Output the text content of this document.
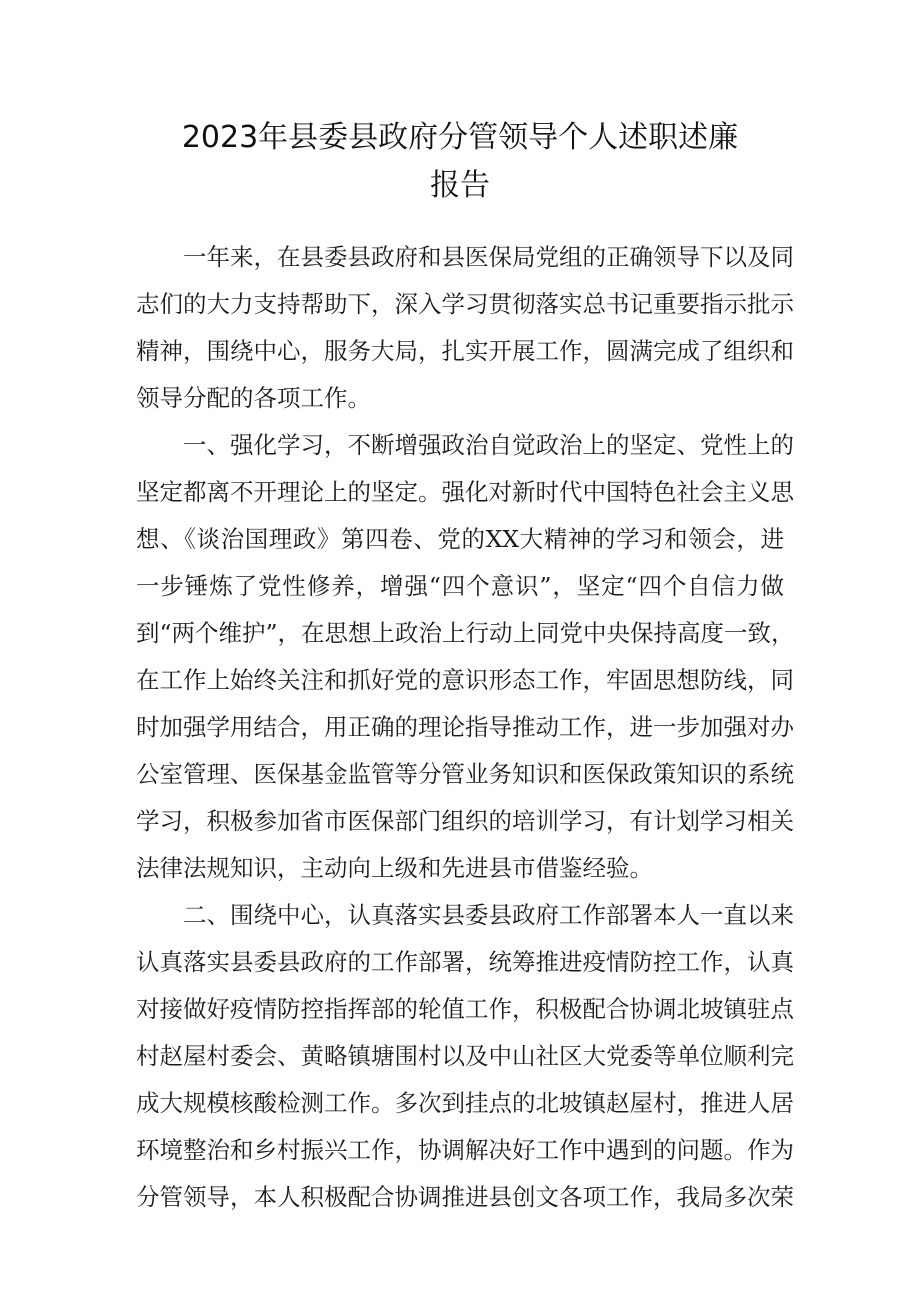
2023年县委县政府分管领导个人述职述廉
报告
一年来，在县委县政府和县医保局党组的正确领导下以及同
志们的大力支持帮助下，深入学习贯彻落实总书记重要指示批示
精神，围绕中心，服务大局，扎实开展工作，圆满完成了组织和
领导分配的各项工作。
一、强化学习，不断增强政治自觉政治上的坚定、党性上的
坚定都离不开理论上的坚定。强化对新时代中国特色社会主义思
想、《谈治国理政》第四卷、党的XX大精神的学习和领会，进
一步锤炼了党性修养，增强“四个意识”，坚定“四个自信力做
到“两个维护”，在思想上政治上行动上同党中央保持高度一致，
在工作上始终关注和抓好党的意识形态工作，牢固思想防线，同
时加强学用结合，用正确的理论指导推动工作，进一步加强对办
公室管理、医保基金监管等分管业务知识和医保政策知识的系统
学习，积极参加省市医保部门组织的培训学习，有计划学习相关
法律法规知识，主动向上级和先进县市借鉴经验。
二、围绕中心，认真落实县委县政府工作部署本人一直以来
认真落实县委县政府的工作部署，统筹推进疫情防控工作，认真
对接做好疫情防控指挥部的轮值工作，积极配合协调北坡镇驻点
村赵屋村委会、黄略镇塘围村以及中山社区大党委等单位顺利完
成大规模核酸检测工作。多次到挂点的北坡镇赵屋村，推进人居
环境整治和乡村振兴工作，协调解决好工作中遇到的问题。作为
分管领导，本人积极配合协调推进县创文各项工作，我局多次荣
